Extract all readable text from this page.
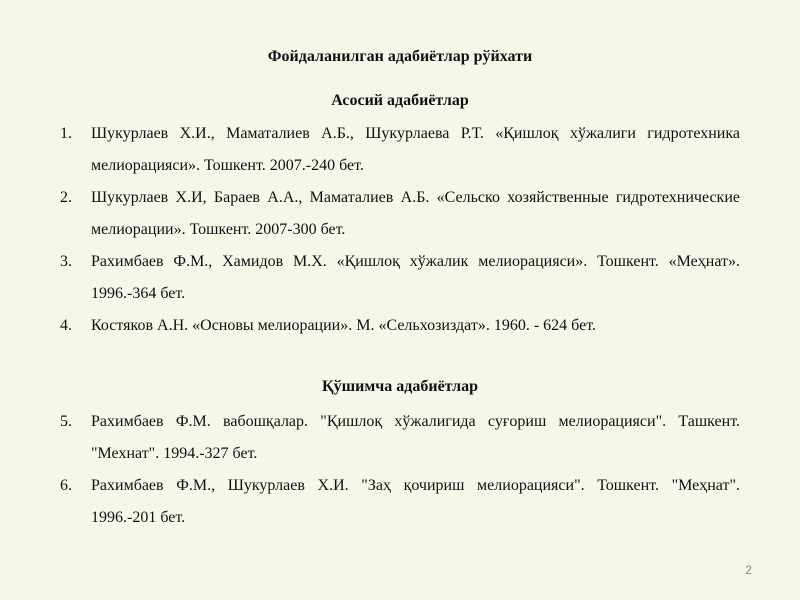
Фойдаланилган адабиётлар рўйхати
Асосий адабиётлар
1. Шукурлаев Х.И., Маматалиев А.Б., Шукурлаева Р.Т. «Қишлоқ хўжалиги гидротехника мелиорацияси». Тошкент. 2007.-240 бет.
2. Шукурлаев Х.И, Бараев А.А., Маматалиев А.Б. «Сельско хозяйственные гидротехнические мелиорации». Тошкент. 2007-300 бет.
3. Рахимбаев Ф.М., Хамидов М.Х. «Қишлоқ хўжалик мелиорацияси». Тошкент. «Меҳнат». 1996.-364 бет.
4. Костяков А.Н. «Основы мелиорации». М. «Сельхозиздат». 1960. - 624 бет.
Қўшимча адабиётлар
5. Рахимбаев Ф.М. вабошқалар. "Қишлоқ хўжалигида суғориш мелиорацияси". Ташкент. "Мехнат". 1994.-327 бет.
6. Рахимбаев Ф.М., Шукурлаев Х.И. "Заҳ қочириш мелиорацияси". Тошкент. "Меҳнат". 1996.-201 бет.
2
